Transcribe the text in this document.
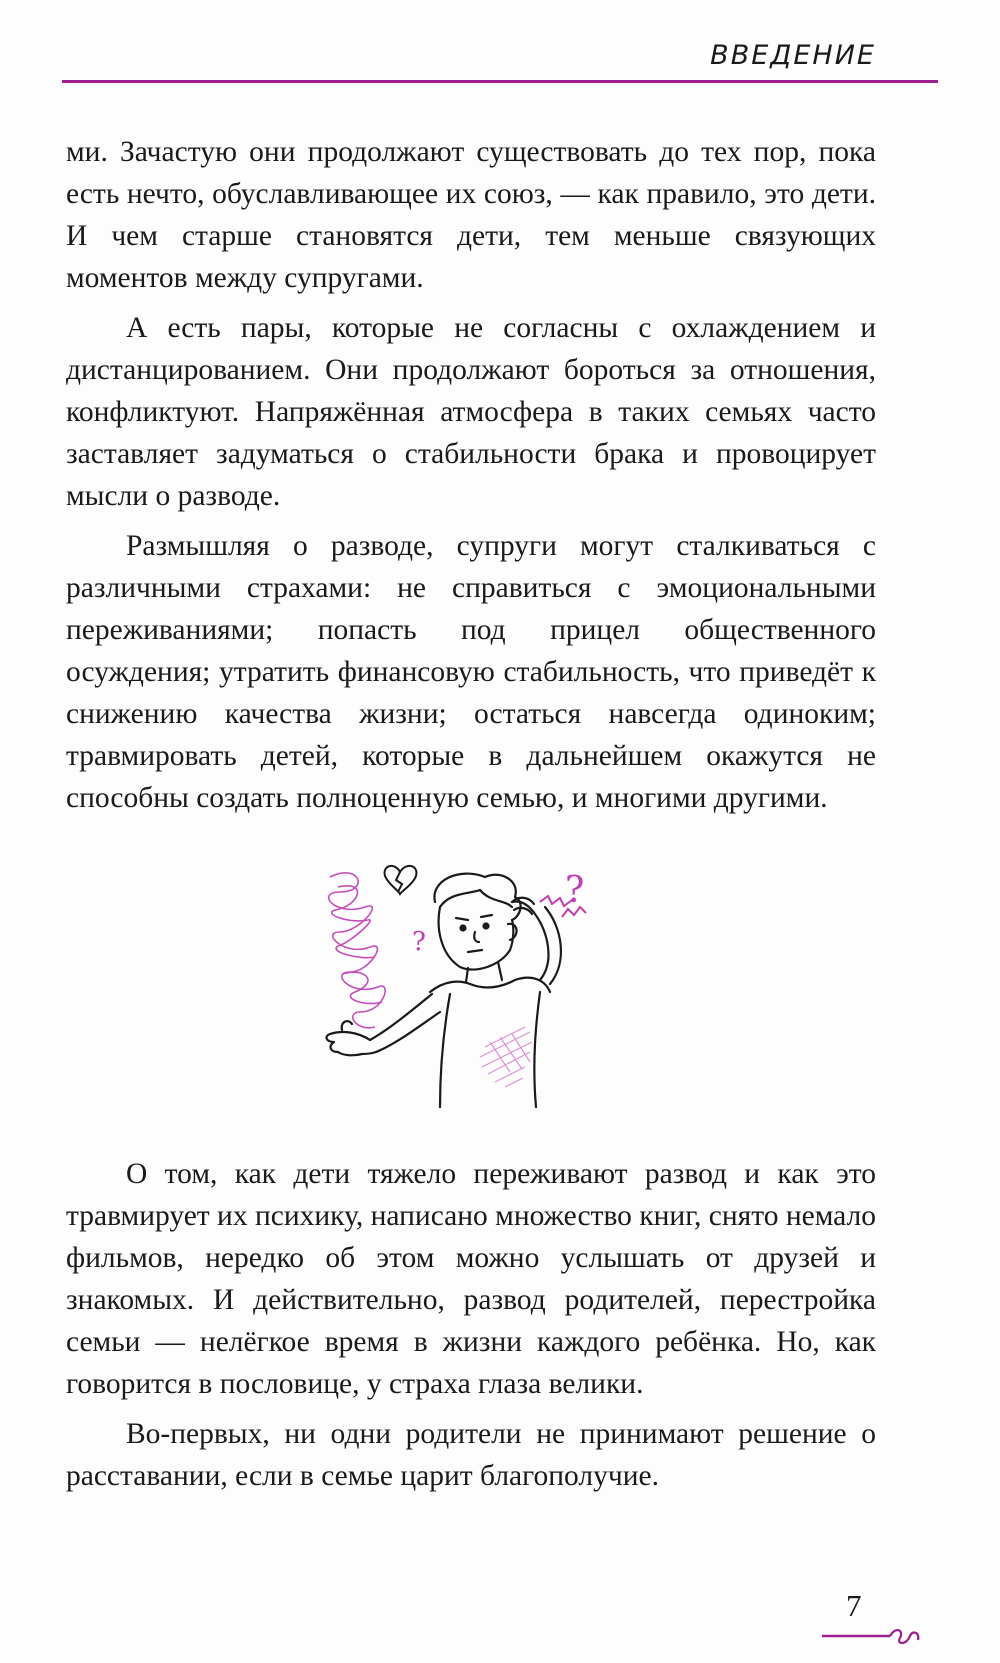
ВВЕДЕНИЕ

ми. Зачастую они продолжают существовать до тех пор, пока есть нечто, обуславливающее их союз, — как правило, это дети. И чем старше становятся дети, тем меньше связующих моментов между супругами.

А есть пары, которые не согласны с охлаждением и дистанцированием. Они продолжают бороться за отношения, конфликтуют. Напряжённая атмосфера в таких семьях часто заставляет задуматься о стабильности брака и провоцирует мысли о разводе.

Размышляя о разводе, супруги могут сталкиваться с различными страхами: не справиться с эмоциональными переживаниями; попасть под прицел общественного осуждения; утратить финансовую стабильность, что приведёт к снижению качества жизни; остаться навсегда одиноким; травмировать детей, которые в дальнейшем окажутся не способны создать полноценную семью, и многими другими.

?
?

О том, как дети тяжело переживают развод и как это травмирует их психику, написано множество книг, снято немало фильмов, нередко об этом можно услышать от друзей и знакомых. И действительно, развод родителей, перестройка семьи — нелёгкое время в жизни каждого ребёнка. Но, как говорится в пословице, у страха глаза велики.

Во-первых, ни одни родители не принимают решение о расставании, если в семье царит благополучие.

7
